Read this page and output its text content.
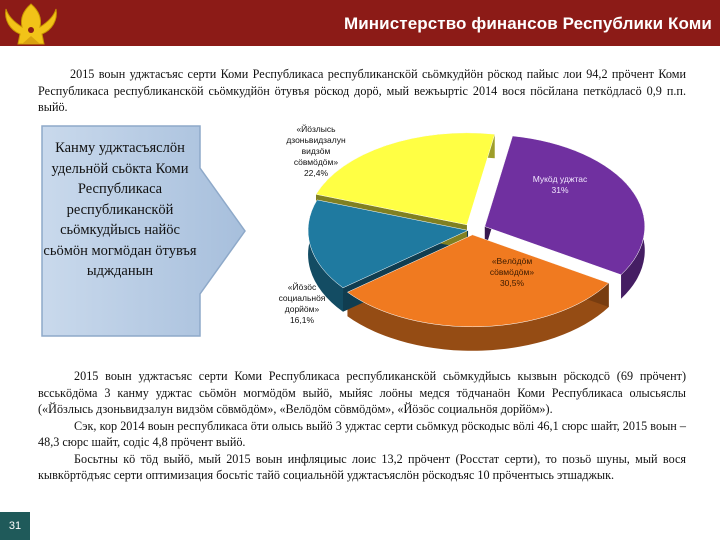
Министерство финансов Республики Коми
31
2015 воын уджтасъяс серти Коми Республикаса республиканскӧй сьӧмкудйӧн рӧскод пайыс лои 94,2 прӧчент Коми Республикаса республиканскӧй сьӧмкудйӧн ӧтувъя рӧскод дорӧ, мый вежъыртіс 2014 вося пӧсйлана петкӧдласӧ 0,9 п.п. выйӧ.
Канму уджтасъяслӧн удельнӧй сьӧкта Коми Республикаса республиканскӧй сьӧмкудйысь найӧс сьӧмӧн могмӧдан ӧтувъя ыджданын
Мукӧд уджтас 31%
«Вeлӧдӧм сӧвмӧдӧм» 30,5%
«Йӧзӧс социальнӧя дорйӧм» 16,1%
«Йӧзлысь дзоньвидзалун видзӧм сӧвмӧдӧм» 22,4%

2015 воын уджтасъяс серти Коми Республикаса республиканскӧй сьӧмкудйысь кызвын рӧскодсӧ (69 прӧчент) всськӧдӧма 3 канму уджтас сьӧмӧн могмӧдӧм выйӧ, мыйяс лоӧны медся тӧдчанаӧн Коми Республикаса олысьяслы («Йӧзлысь дзоньвидзалун видзӧм сӧвмӧдӧм», «Велӧдӧм сӧвмӧдӧм», «Йӧзӧс социальнӧя дорйӧм»).

Сэк, кор 2014 воын республикаса ӧти олысь выйӧ 3 уджтас серти сьӧмкуд рӧскодыс вӧлі 46,1 сюрс шайт, 2015 воын – 48,3 сюрс шайт, содіс 4,8 прӧчент выйӧ.

Босьтны кӧ тӧд выйӧ, мый 2015 воын инфляциыс лоис 13,2 прӧчент (Росстат серти), то позьӧ шуны, мый вося кывкӧртӧдъяс серти оптимизация босьтіс тайӧ социальнӧй уджтасъяслӧн рӧскодъяс 10 прӧчентысь этшаджык.
